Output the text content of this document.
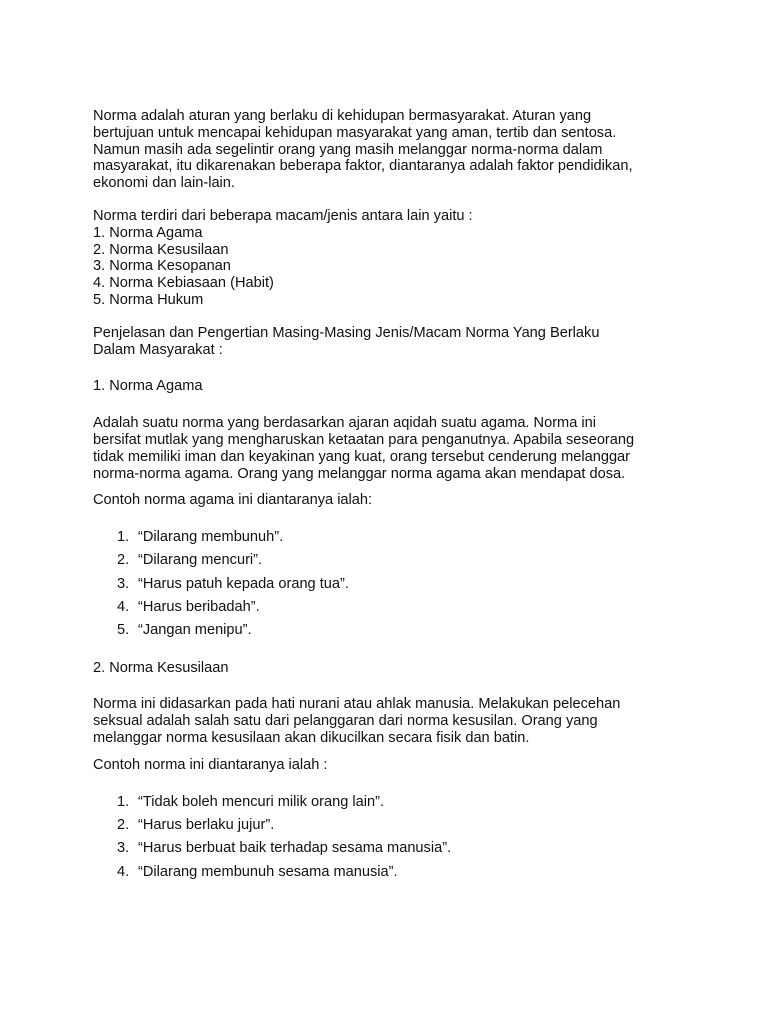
Norma adalah aturan yang berlaku di kehidupan bermasyarakat. Aturan yang
bertujuan untuk mencapai kehidupan masyarakat yang aman, tertib dan sentosa.
Namun masih ada segelintir orang yang masih melanggar norma-norma dalam
masyarakat, itu dikarenakan beberapa faktor, diantaranya adalah faktor pendidikan,
ekonomi dan lain-lain.

Norma terdiri dari beberapa macam/jenis antara lain yaitu :

1. Norma Agama
2. Norma Kesusilaan
3. Norma Kesopanan
4. Norma Kebiasaan (Habit)
5. Norma Hukum

Penjelasan dan Pengertian Masing-Masing Jenis/Macam Norma Yang Berlaku
Dalam Masyarakat :

1. Norma Agama

Adalah suatu norma yang berdasarkan ajaran aqidah suatu agama. Norma ini
bersifat mutlak yang mengharuskan ketaatan para penganutnya. Apabila seseorang
tidak memiliki iman dan keyakinan yang kuat, orang tersebut cenderung melanggar
norma-norma agama. Orang yang melanggar norma agama akan mendapat dosa.

Contoh norma agama ini diantaranya ialah:

1. “Dilarang membunuh”.
2. “Dilarang mencuri”.
3. “Harus patuh kepada orang tua”.
4. “Harus beribadah”.
5. “Jangan menipu”.

2. Norma Kesusilaan

Norma ini didasarkan pada hati nurani atau ahlak manusia. Melakukan pelecehan
seksual adalah salah satu dari pelanggaran dari norma kesusilan. Orang yang
melanggar norma kesusilaan akan dikucilkan secara fisik dan batin.

Contoh norma ini diantaranya ialah :

1. “Tidak boleh mencuri milik orang lain”.
2. “Harus berlaku jujur”.
3. “Harus berbuat baik terhadap sesama manusia”.
4. “Dilarang membunuh sesama manusia”.
